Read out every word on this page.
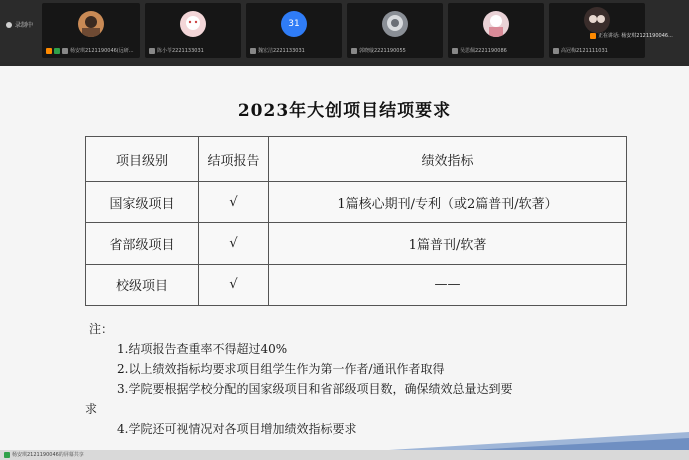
录制中
杨安琪2121190046(远研...	陈小苓2221133031
31
魏宏洁2221133031	郭晓璇2221190055	吴思佩2221190086	高冠梅2121111031
正在讲话: 杨安琪2121190046...
2023年大创项目结项要求
项目级别	结项报告	绩效指标
国家级项目	√	1篇核心期刊/专利（或2篇普刊/软著）
省部级项目	√	1篇普刊/软著
校级项目	√	——
注：
1.结项报告查重率不得超过40%
2.以上绩效指标均要求项目组学生作为第一作者/通讯作者取得
3.学院要根据学校分配的国家级项目和省部级项目数，确保绩效总量达到要
求
4.学院还可视情况对各项目增加绩效指标要求
杨安琪2121190046的屏幕共享
